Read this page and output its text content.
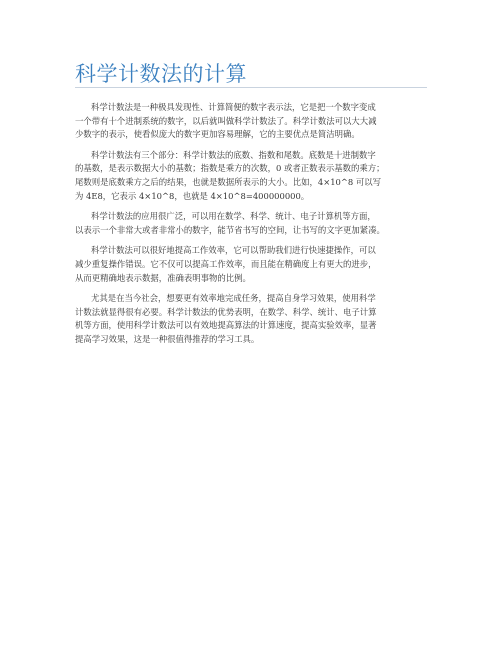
科学计数法的计算

科学计数法是一种极具发现性、计算简便的数字表示法，它是把一个数字变成
一个带有十个进制系统的数字，以后就叫做科学计数法了。科学计数法可以大大减
少数字的表示，使看似庞大的数字更加容易理解，它的主要优点是简洁明确。

科学计数法有三个部分：科学计数法的底数、指数和尾数。底数是十进制数字
的基数，是表示数据大小的基数；指数是乘方的次数，0 或者正数表示基数的乘方；
尾数则是底数乘方之后的结果，也就是数据所表示的大小。比如，4×10^8 可以写
为 4E8，它表示 4×10^8，也就是 4×10^8=400000000。

科学计数法的应用很广泛，可以用在数学、科学、统计、电子计算机等方面，
以表示一个非常大或者非常小的数字，能节省书写的空间，让书写的文字更加紧凑。

科学计数法可以很好地提高工作效率，它可以帮助我们进行快速捷操作，可以
减少重复操作错误。它不仅可以提高工作效率，而且能在精确度上有更大的进步，
从而更精确地表示数据，准确表明事物的比例。

尤其是在当今社会，想要更有效率地完成任务，提高自身学习效果，使用科学
计数法就显得很有必要。科学计数法的优势表明，在数学、科学、统计、电子计算
机等方面，使用科学计数法可以有效地提高算法的计算速度，提高实验效率，显著
提高学习效果，这是一种很值得推荐的学习工具。
